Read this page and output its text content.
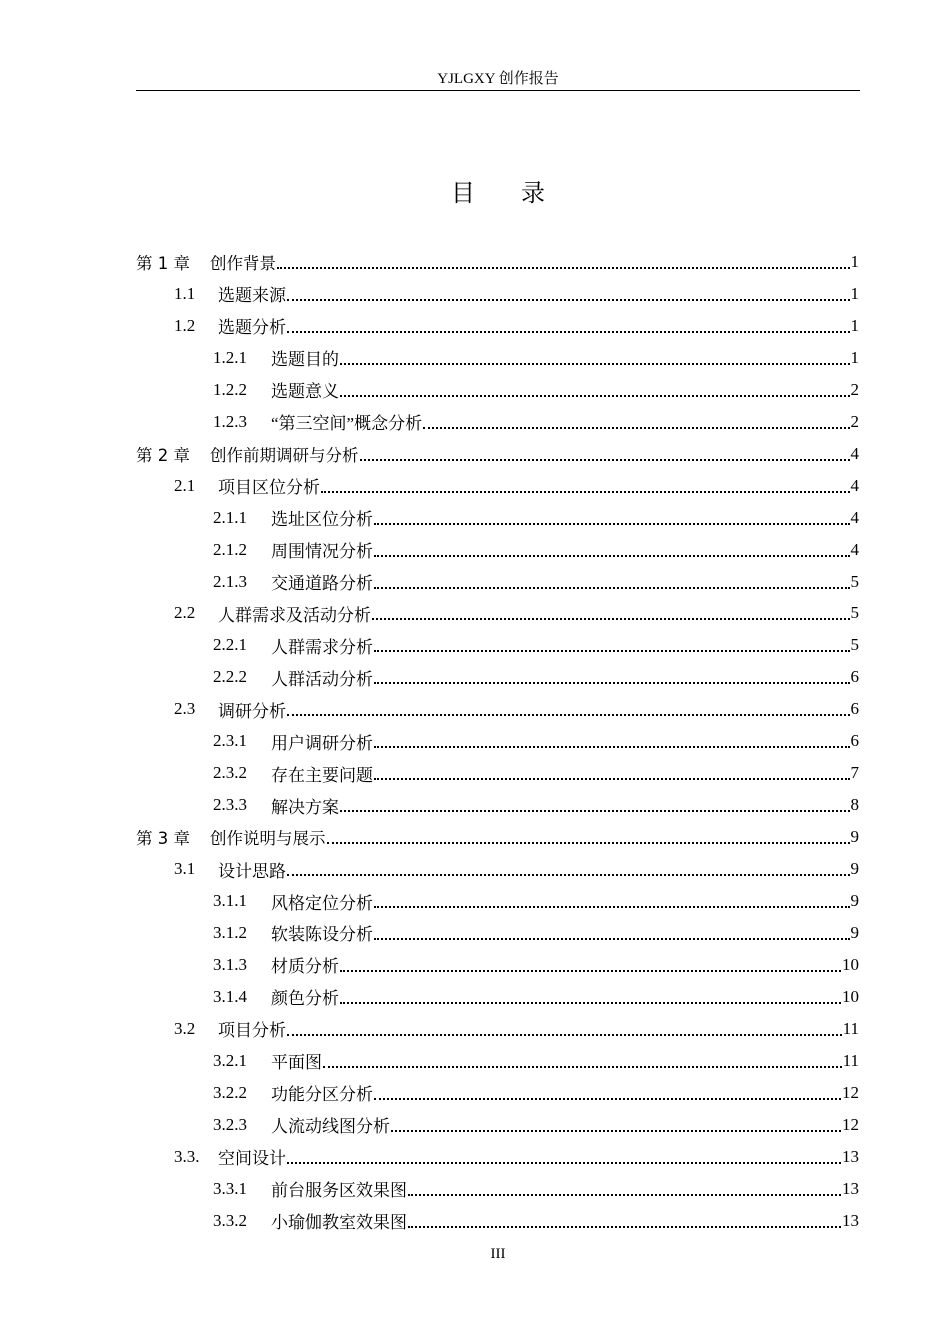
YJLGXY 创作报告
目 录
第 1 章 创作背景	1
1.1	选题来源	1
1.2	选题分析	1
1.2.1	选题目的	1
1.2.2	选题意义	2
1.2.3	“第三空间”概念分析	2
第 2 章 创作前期调研与分析	4
2.1	项目区位分析	4
2.1.1	选址区位分析	4
2.1.2	周围情况分析	4
2.1.3	交通道路分析	5
2.2	人群需求及活动分析	5
2.2.1	人群需求分析	5
2.2.2	人群活动分析	6
2.3	调研分析	6
2.3.1	用户调研分析	6
2.3.2	存在主要问题	7
2.3.3	解决方案	8
第 3 章 创作说明与展示	9
3.1	设计思路	9
3.1.1	风格定位分析	9
3.1.2	软装陈设分析	9
3.1.3	材质分析	10
3.1.4	颜色分析	10
3.2	项目分析	11
3.2.1	平面图	11
3.2.2	功能分区分析	12
3.2.3	人流动线图分析	12
3.3.	空间设计	13
3.3.1	前台服务区效果图	13
3.3.2	小瑜伽教室效果图	13
III
